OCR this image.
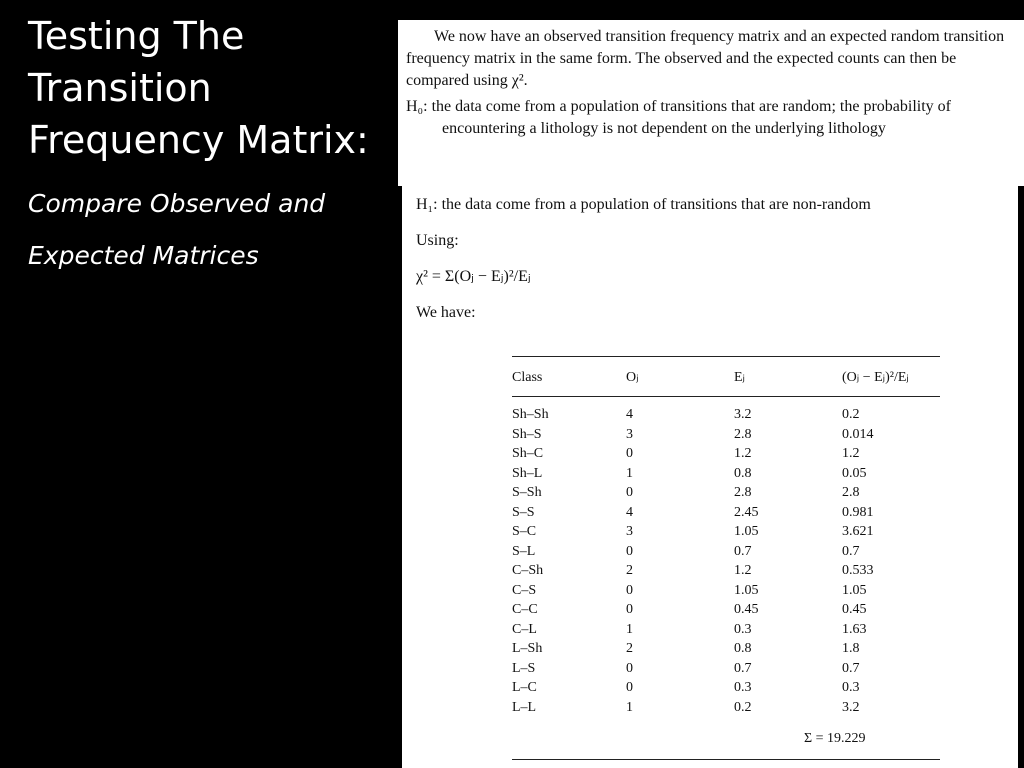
Testing The
Transition
Frequency Matrix:

Compare Observed and
Expected Matrices

We now have an observed transition frequency matrix and an expected random transition frequency matrix in the same form. The observed and the expected counts can then be compared using χ².

H₀: the data come from a population of transitions that are random; the probability of encountering a lithology is not dependent on the underlying lithology

H₁: the data come from a population of transitions that are non-random

Using:

χ² = Σ(Oⱼ − Eⱼ)²/Eⱼ

We have:

Class	Oⱼ	Eⱼ	(Oⱼ − Eⱼ)²/Eⱼ
Sh–Sh	4	3.2	0.2
Sh–S	3	2.8	0.014
Sh–C	0	1.2	1.2
Sh–L	1	0.8	0.05
S–Sh	0	2.8	2.8
S–S	4	2.45	0.981
S–C	3	1.05	3.621
S–L	0	0.7	0.7
C–Sh	2	1.2	0.533
C–S	0	1.05	1.05
C–C	0	0.45	0.45
C–L	1	0.3	1.63
L–Sh	2	0.8	1.8
L–S	0	0.7	0.7
L–C	0	0.3	0.3
L–L	1	0.2	3.2
		Σ = 19.229	
